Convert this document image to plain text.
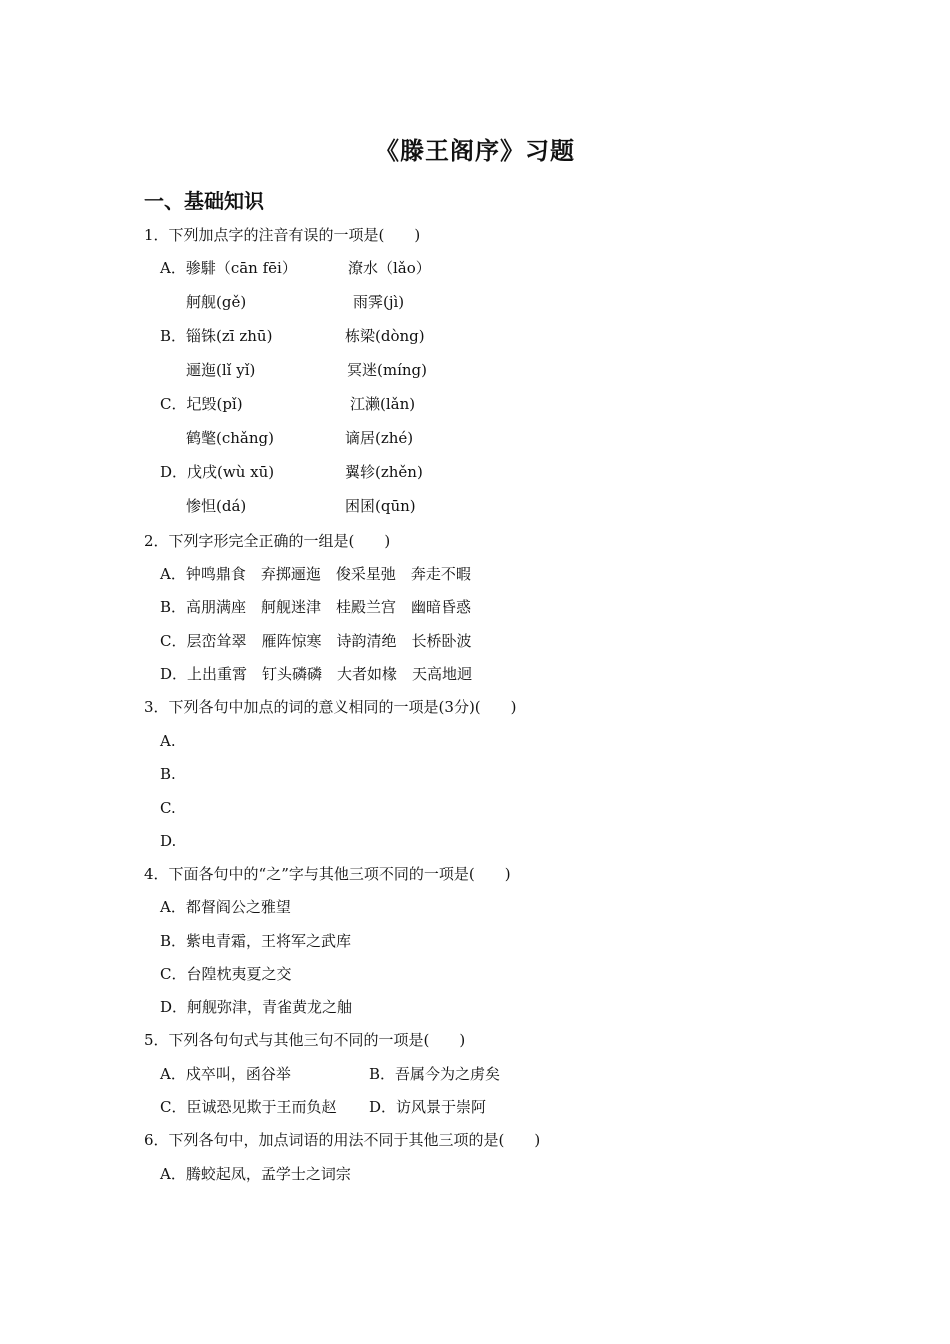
《滕王阁序》习题
一、基础知识
1．下列加点字的注音有误的一项是(　　)
A．骖騑（cān fēi）	潦水（lǎo）
舸舰(gě)	雨霁(jì)
B．锱铢(zī zhū)	栋梁(dòng)
逦迤(lǐ yǐ)	冥迷(míng)
C．圮毁(pǐ)	江濑(lǎn)
鹤氅(chǎng)	谪居(zhé)
D．戊戌(wù xū)	翼轸(zhěn)
惨怛(dá)	困囷(qūn)
2．下列字形完全正确的一组是(　　)
A．钟鸣鼎食　弃掷逦迤　俊采星弛　奔走不暇
B．高朋满座　舸舰迷津　桂殿兰宫　幽暗昏惑
C．层峦耸翠　雁阵惊寒　诗韵清绝　长桥卧波
D．上出重霄　钉头磷磷　大者如椽　天高地迥
3．下列各句中加点的词的意义相同的一项是(3分)(　　)
A.
B.
C.
D.
4．下面各句中的“之”字与其他三项不同的一项是(　　)
A．都督阎公之雅望
B．紫电青霜，王将军之武库
C．台隍枕夷夏之交
D．舸舰弥津，青雀黄龙之舳
5．下列各句句式与其他三句不同的一项是(　　)
A．戍卒叫，函谷举	B．吾属今为之虏矣
C．臣诚恐见欺于王而负赵 D．访风景于崇阿
6．下列各句中，加点词语的用法不同于其他三项的是(　　)
A．腾蛟起凤，孟学士之词宗
